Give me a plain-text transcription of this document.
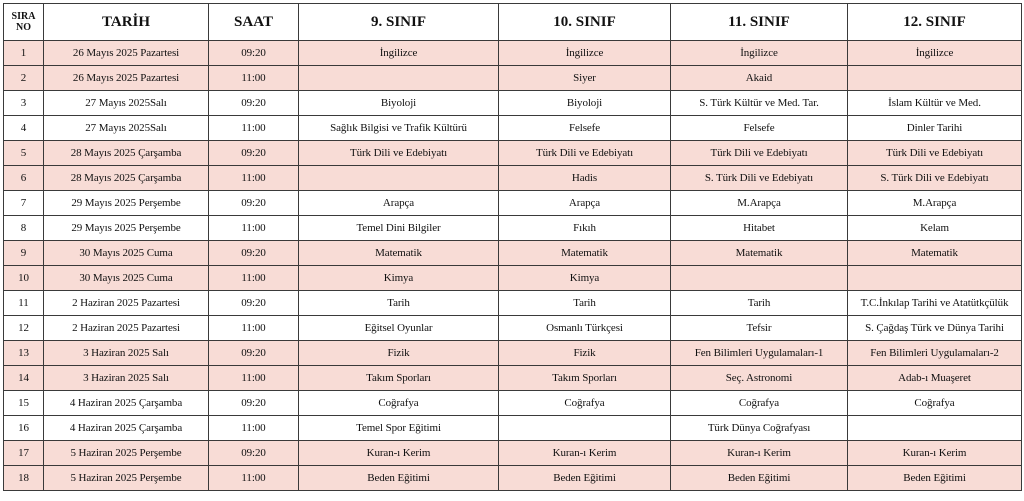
SIRA
NO	TARİH	SAAT	9. SINIF	10. SINIF	11. SINIF	12. SINIF
1	26 Mayıs 2025 Pazartesi	09:20	İngilizce	İngilizce	İngilizce	İngilizce
2	26 Mayıs 2025 Pazartesi	11:00		Siyer	Akaid	
3	27 Mayıs 2025Salı	09:20	Biyoloji	Biyoloji	S. Türk Kültür ve Med. Tar.	İslam Kültür ve Med.
4	27 Mayıs 2025Salı	11:00	Sağlık Bilgisi ve Trafik Kültürü	Felsefe	Felsefe	Dinler Tarihi
5	28 Mayıs 2025 Çarşamba	09:20	Türk Dili ve Edebiyatı	Türk Dili ve Edebiyatı	Türk Dili ve Edebiyatı	Türk Dili ve Edebiyatı
6	28 Mayıs 2025 Çarşamba	11:00		Hadis	S. Türk Dili ve Edebiyatı	S. Türk Dili ve Edebiyatı
7	29 Mayıs 2025 Perşembe	09:20	Arapça	Arapça	M.Arapça	M.Arapça
8	29 Mayıs 2025 Perşembe	11:00	Temel Dini Bilgiler	Fıkıh	Hitabet	Kelam
9	30 Mayıs 2025 Cuma	09:20	Matematik	Matematik	Matematik	Matematik
10	30 Mayıs 2025 Cuma	11:00	Kimya	Kimya		
11	2 Haziran 2025 Pazartesi	09:20	Tarih	Tarih	Tarih	T.C.İnkılap Tarihi ve Atatütkçülük
12	2 Haziran 2025 Pazartesi	11:00	Eğitsel Oyunlar	Osmanlı Türkçesi	Tefsir	S. Çağdaş Türk ve Dünya Tarihi
13	3 Haziran 2025 Salı	09:20	Fizik	Fizik	Fen Bilimleri Uygulamaları-1	Fen Bilimleri Uygulamaları-2
14	3 Haziran 2025 Salı	11:00	Takım Sporları	Takım Sporları	Seç. Astronomi	Adab-ı Muaşeret
15	4 Haziran 2025 Çarşamba	09:20	Coğrafya	Coğrafya	Coğrafya	Coğrafya
16	4 Haziran 2025 Çarşamba	11:00	Temel Spor Eğitimi		Türk Dünya Coğrafyası	
17	5 Haziran 2025 Perşembe	09:20	Kuran-ı Kerim	Kuran-ı Kerim	Kuran-ı Kerim	Kuran-ı Kerim
18	5 Haziran 2025 Perşembe	11:00	Beden Eğitimi	Beden Eğitimi	Beden Eğitimi	Beden Eğitimi
